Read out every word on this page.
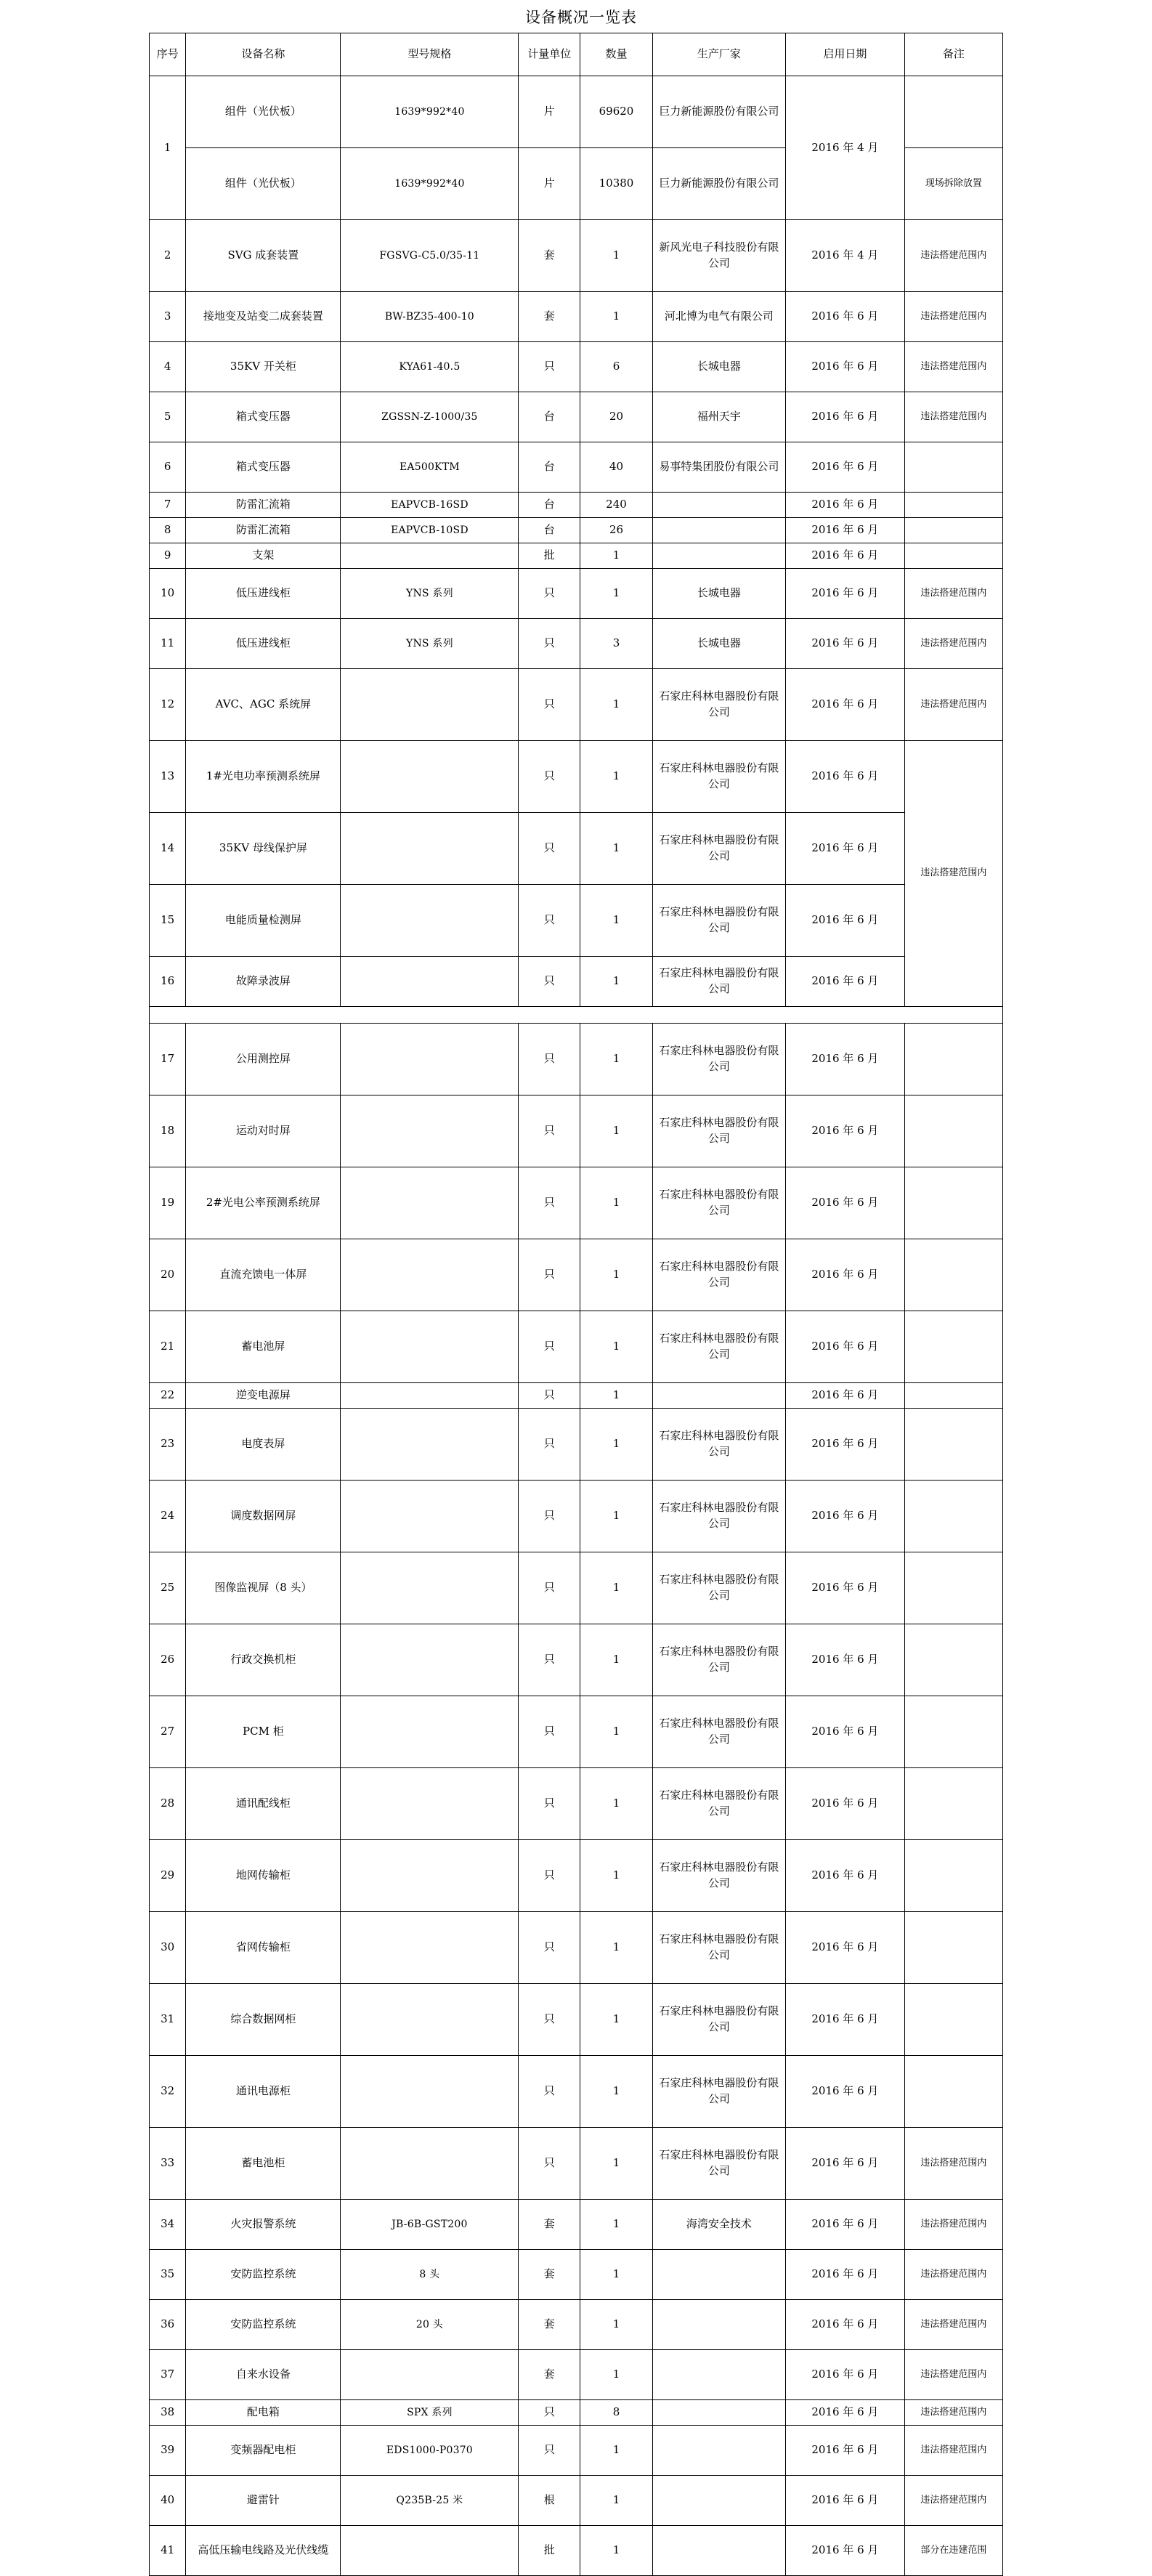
设备概况一览表
序号	设备名称	型号规格	计量单位	数量	生产厂家	启用日期	备注
1	组件（光伏板）	1639*992*40	片	69620	巨力新能源股份有限公司	2016 年 4 月	
	组件（光伏板）	1639*992*40	片	10380	巨力新能源股份有限公司		现场拆除放置
2	SVG 成套装置	FGSVG-C5.0/35-11	套	1	新风光电子科技股份有限公司	2016 年 4 月	违法搭建范围内
3	接地变及站变二成套装置	BW-BZ35-400-10	套	1	河北博为电气有限公司	2016 年 6 月	违法搭建范围内
4	35KV 开关柜	KYA61-40.5	只	6	长城电器	2016 年 6 月	违法搭建范围内
5	箱式变压器	ZGSSN-Z-1000/35	台	20	福州天宇	2016 年 6 月	违法搭建范围内
6	箱式变压器	EA500KTM	台	40	易事特集团股份有限公司	2016 年 6 月	
7	防雷汇流箱	EAPVCB-16SD	台	240		2016 年 6 月	
8	防雷汇流箱	EAPVCB-10SD	台	26		2016 年 6 月	
9	支架		批	1		2016 年 6 月	
10	低压进线柜	YNS 系列	只	1	长城电器	2016 年 6 月	违法搭建范围内
11	低压进线柜	YNS 系列	只	3	长城电器	2016 年 6 月	违法搭建范围内
12	AVC、AGC 系统屏		只	1	石家庄科林电器股份有限公司	2016 年 6 月	违法搭建范围内
13	1#光电功率预测系统屏		只	1	石家庄科林电器股份有限公司	2016 年 6 月	违法搭建范围内
14	35KV 母线保护屏		只	1	石家庄科林电器股份有限公司	2016 年 6 月	
15	电能质量检测屏		只	1	石家庄科林电器股份有限公司	2016 年 6 月	
16	故障录波屏		只	1	石家庄科林电器股份有限公司	2016 年 6 月	

17	公用测控屏		只	1	石家庄科林电器股份有限公司	2016 年 6 月	
18	运动对时屏		只	1	石家庄科林电器股份有限公司	2016 年 6 月	
19	2#光电公率预测系统屏		只	1	石家庄科林电器股份有限公司	2016 年 6 月	
20	直流充馈电一体屏		只	1	石家庄科林电器股份有限公司	2016 年 6 月	
21	蓄电池屏		只	1	石家庄科林电器股份有限公司	2016 年 6 月	
22	逆变电源屏		只	1		2016 年 6 月	
23	电度表屏		只	1	石家庄科林电器股份有限公司	2016 年 6 月	
24	调度数据网屏		只	1	石家庄科林电器股份有限公司	2016 年 6 月	
25	图像监视屏（8 头）		只	1	石家庄科林电器股份有限公司	2016 年 6 月	
26	行政交换机柜		只	1	石家庄科林电器股份有限公司	2016 年 6 月	
27	PCM 柜		只	1	石家庄科林电器股份有限公司	2016 年 6 月	
28	通讯配线柜		只	1	石家庄科林电器股份有限公司	2016 年 6 月	
29	地网传输柜		只	1	石家庄科林电器股份有限公司	2016 年 6 月	
30	省网传输柜		只	1	石家庄科林电器股份有限公司	2016 年 6 月	
31	综合数据网柜		只	1	石家庄科林电器股份有限公司	2016 年 6 月	
32	通讯电源柜		只	1	石家庄科林电器股份有限公司	2016 年 6 月	
33	蓄电池柜		只	1	石家庄科林电器股份有限公司	2016 年 6 月	违法搭建范围内
34	火灾报警系统	JB-6B-GST200	套	1	海湾安全技术	2016 年 6 月	违法搭建范围内
35	安防监控系统	8 头	套	1		2016 年 6 月	违法搭建范围内
36	安防监控系统	20 头	套	1		2016 年 6 月	违法搭建范围内
37	自来水设备		套	1		2016 年 6 月	违法搭建范围内
38	配电箱	SPX 系列	只	8		2016 年 6 月	违法搭建范围内
39	变频器配电柜	EDS1000-P0370	只	1		2016 年 6 月	违法搭建范围内
40	避雷针	Q235B-25 米	根	1		2016 年 6 月	违法搭建范围内
41	高低压输电线路及光伏线缆		批	1		2016 年 6 月	部分在违建范围
